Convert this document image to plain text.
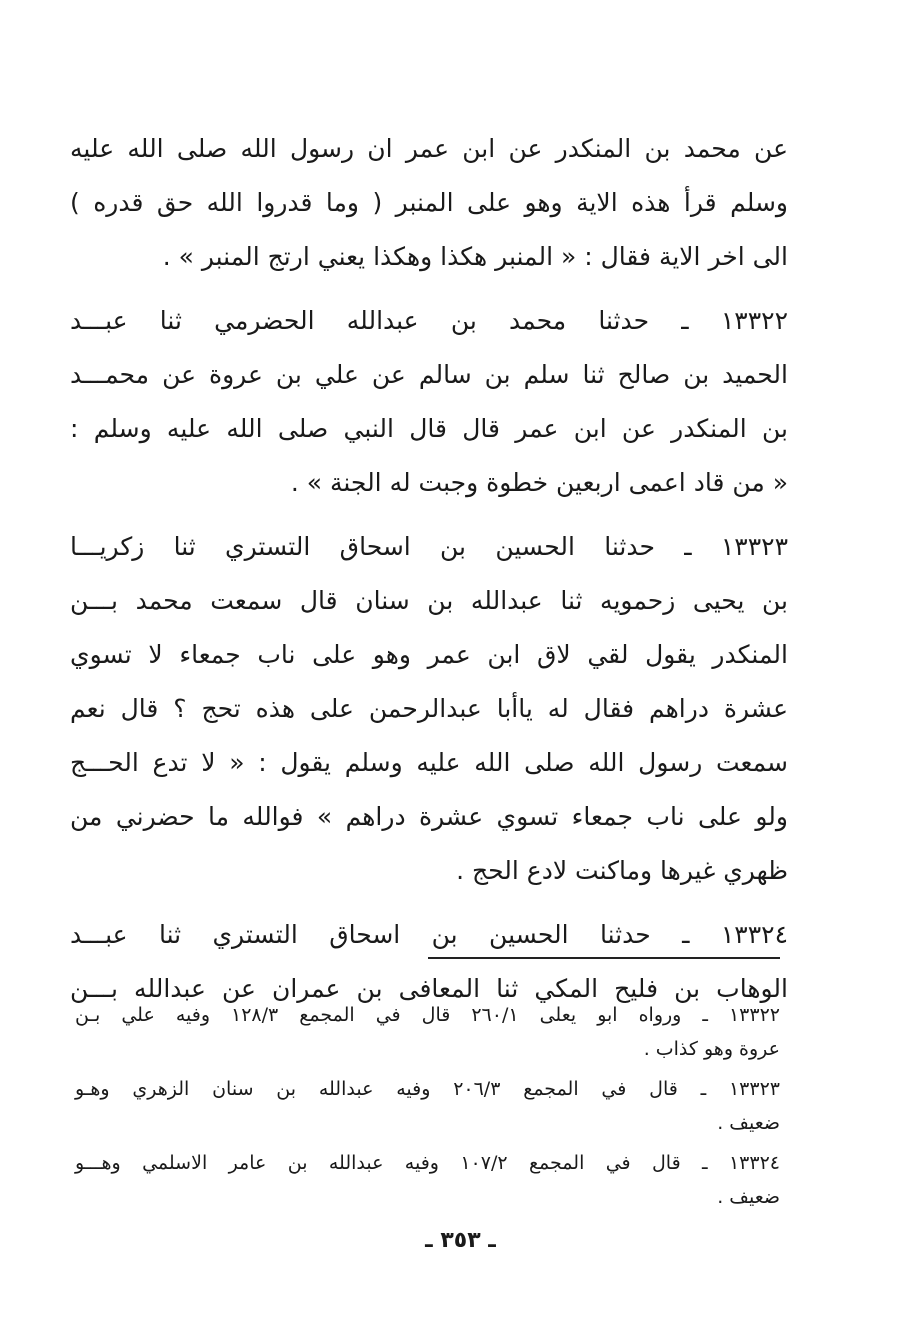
عن محمد بن المنكدر عن ابن عمر ان رسول الله صلى الله عليه
وسلم قرأ هذه الاية وهو على المنبر ( وما قدروا الله حق قدره )
الى اخر الاية فقال : « المنبر هكذا وهكذا يعني ارتج المنبر » .
١٣٣٢٢ ـ حدثنا محمد بن عبدالله الحضرمي ثنا عبـــد
الحميد بن صالح ثنا سلم بن سالم عن علي بن عروة عن محمـــد
بن المنكدر عن ابن عمر قال قال النبي صلى الله عليه وسلم :
« من قاد اعمى اربعين خطوة وجبت له الجنة » .
١٣٣٢٣ ـ حدثنا الحسين بن اسحاق التستري ثنا زكريـــا
بن يحيى زحمويه ثنا عبدالله بن سنان قال سمعت محمد بـــن
المنكدر يقول لقي لاق ابن عمر وهو على ناب جمعاء لا تسوي
عشرة دراهم فقال له ياأبا عبدالرحمن على هذه تحج ؟ قال نعم
سمعت رسول الله صلى الله عليه وسلم يقول : « لا تدع الحـــج
ولو على ناب جمعاء تسوي عشرة دراهم » فوالله ما حضرني من
ظهري غيرها وماكنت لادع الحج .
١٣٣٢٤ ـ حدثنا الحسين بن اسحاق التستري ثنا عبـــد
الوهاب بن فليح المكي ثنا المعافى بن عمران عن عبدالله بـــن
١٣٣٢٢ ـ ورواه ابو يعلى ٢٦٠/١ قال في المجمع ١٢٨/٣ وفيه علي بـن
عروة وهو كذاب .
١٣٣٢٣ ـ قال في المجمع ٢٠٦/٣ وفيه عبدالله بن سنان الزهري وهـو
ضعيف .
١٣٣٢٤ ـ قال في المجمع ١٠٧/٢ وفيه عبدالله بن عامر الاسلمي وهـــو
ضعيف .
ـ ٣٥٣ ـ
